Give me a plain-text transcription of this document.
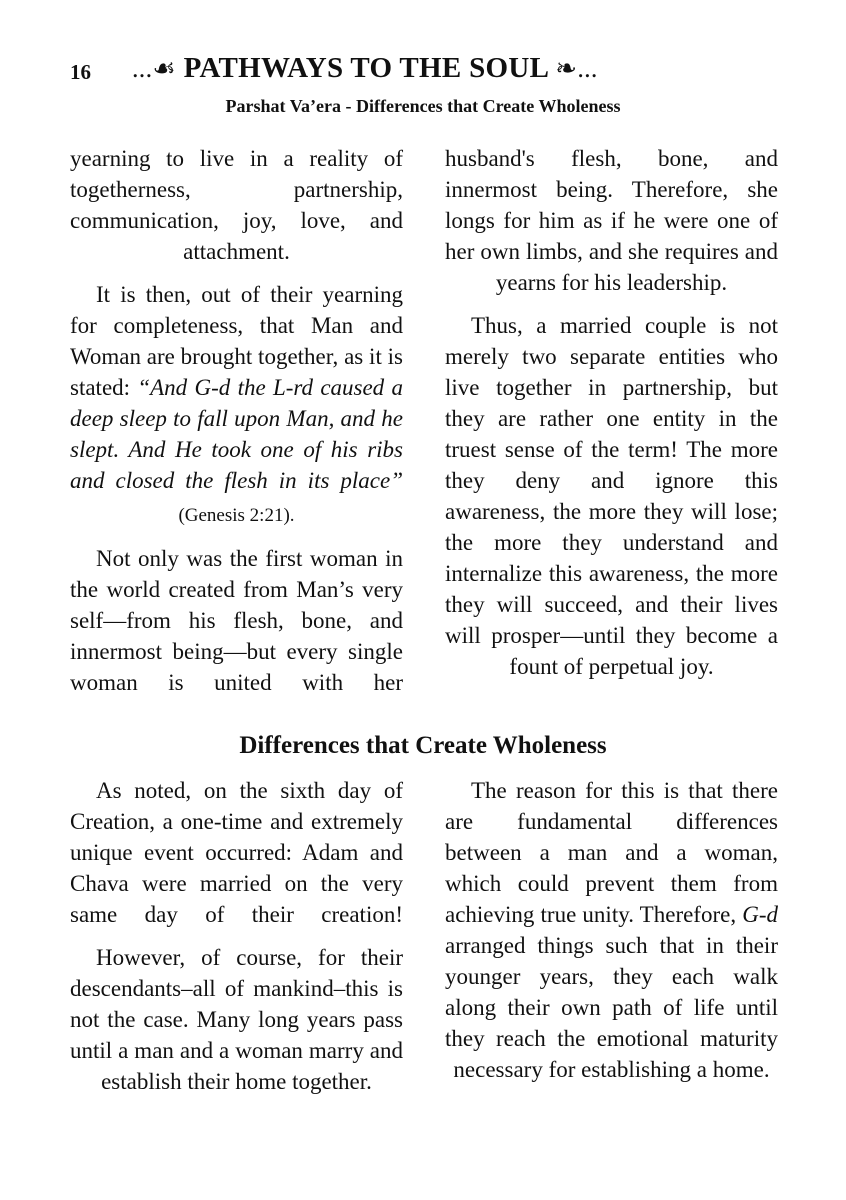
16 ...☙ PATHWAYS TO THE SOUL ❧...
Parshat Va’era - Differences that Create Wholeness

yearning to live in a reality of togetherness, partnership, communication, joy, love, and attachment.

It is then, out of their yearning for completeness, that Man and Woman are brought together, as it is stated: “And G-d the L-rd caused a deep sleep to fall upon Man, and he slept. And He took one of his ribs and closed the flesh in its place” (Genesis 2:21).

Not only was the first woman in the world created from Man’s very self—from his flesh, bone, and innermost being—but every single woman is united with her

husband's flesh, bone, and innermost being. Therefore, she longs for him as if he were one of her own limbs, and she requires and yearns for his leadership.

Thus, a married couple is not merely two separate entities who live together in partnership, but they are rather one entity in the truest sense of the term! The more they deny and ignore this awareness, the more they will lose; the more they understand and internalize this awareness, the more they will succeed, and their lives will prosper—until they become a fount of perpetual joy.

Differences that Create Wholeness

As noted, on the sixth day of Creation, a one-time and extremely unique event occurred: Adam and Chava were married on the very same day of their creation!

However, of course, for their descendants–all of mankind–this is not the case. Many long years pass until a man and a woman marry and establish their home together.

The reason for this is that there are fundamental differences between a man and a woman, which could prevent them from achieving true unity. Therefore, G-d arranged things such that in their younger years, they each walk along their own path of life until they reach the emotional maturity necessary for establishing a home.
